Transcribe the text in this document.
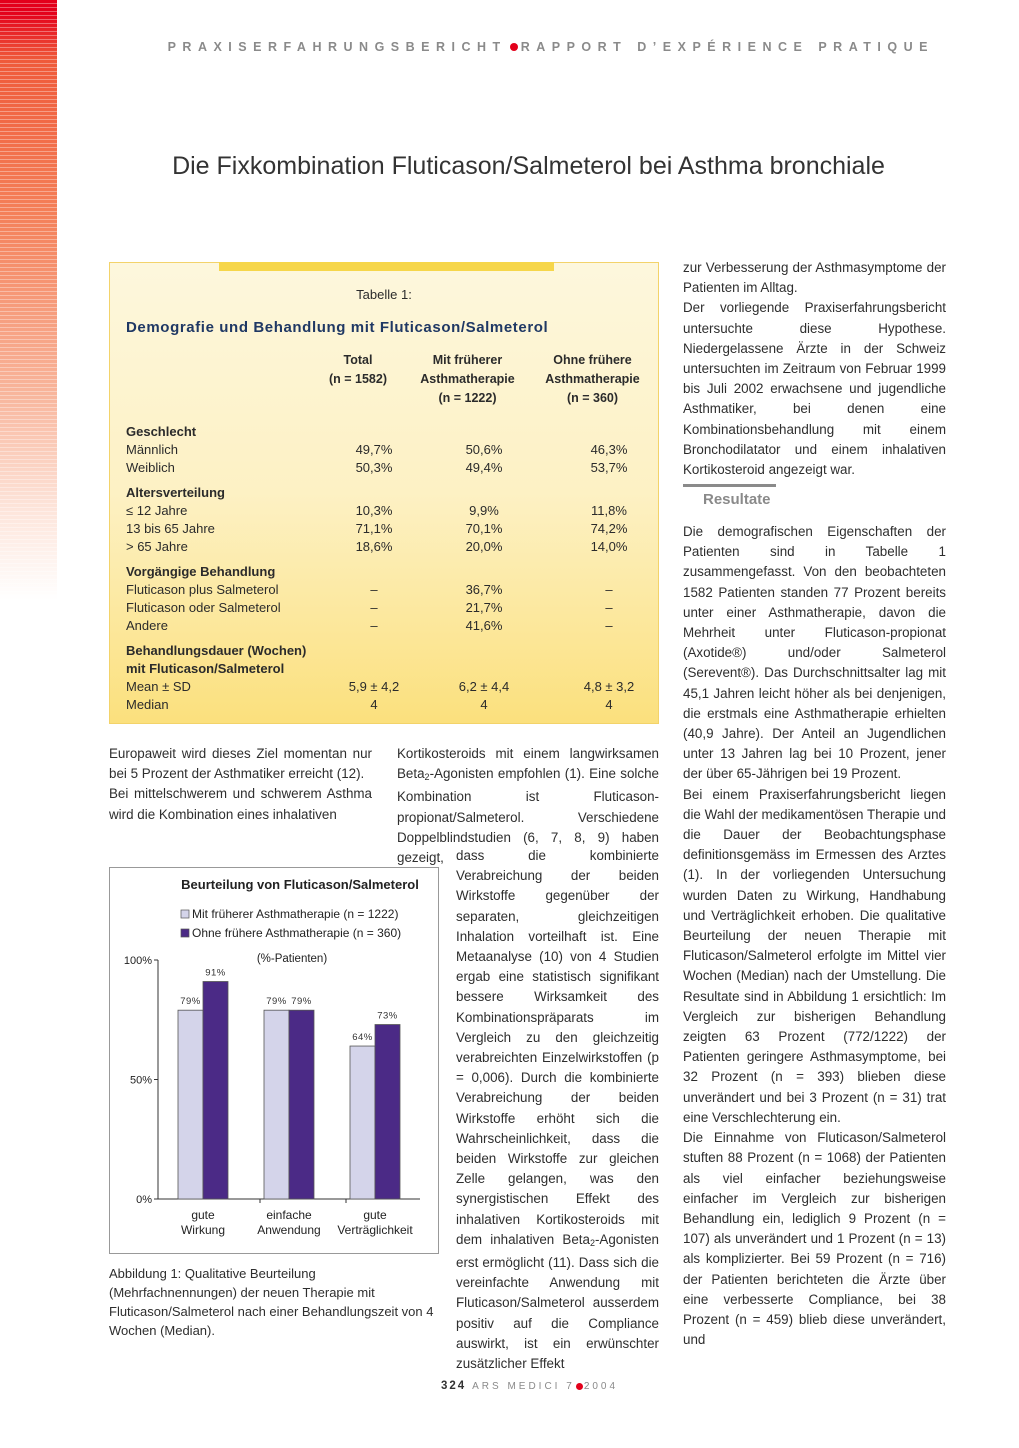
PRAXISERFAHRUNGSBERICHT RAPPORT D’EXPÉRIENCE PRATIQUE
Die Fixkombination Fluticason/Salmeterol bei Asthma bronchiale
Tabelle 1:
Demografie und Behandlung mit Fluticason/Salmeterol
Total
(n = 1582)
Mit früherer
Asthmatherapie
(n = 1222)
Ohne frühere
Asthmatherapie
(n = 360)
Geschlecht
Männlich	49,7%	50,6%	46,3%
Weiblich	50,3%	49,4%	53,7%
Altersverteilung
≤ 12 Jahre	10,3%	9,9%	11,8%
13 bis 65 Jahre	71,1%	70,1%	74,2%
> 65 Jahre	18,6%	20,0%	14,0%
Vorgängige Behandlung
Fluticason plus Salmeterol	–	36,7%	–
Fluticason oder Salmeterol	–	21,7%	–
Andere	–	41,6%	–
Behandlungsdauer (Wochen)
mit Fluticason/Salmeterol
Mean ± SD	5,9 ± 4,2	6,2 ± 4,4	4,8 ± 3,2
Median	4	4	4

Europaweit wird dieses Ziel momentan nur bei 5 Prozent der Asthmatiker erreicht (12).

Bei mittelschwerem und schwerem Asthma wird die Kombination eines inhalativen

Kortikosteroids mit einem langwirksamen Beta$_2$-Agonisten empfohlen (1). Eine solche Kombination ist Fluticason-propionat/Salmeterol. Verschiedene Doppelblindstudien (6, 7, 8, 9) haben gezeigt, dass die kombinierte Verabreichung der beiden Wirkstoffe gegenüber der separaten, gleichzeitigen Inhalation vorteilhaft ist. Eine Metaanalyse (10) von 4 Studien ergab eine statistisch signifikant bessere Wirksamkeit des Kombinationspräparats im Vergleich zu den gleichzeitig verabreichten Einzelwirkstoffen (p = 0,006). Durch die kombinierte Verabreichung der beiden Wirkstoffe erhöht sich die Wahrscheinlichkeit, dass die beiden Wirkstoffe zur gleichen Zelle gelangen, was den synergistischen Effekt des inhalativen Kortikosteroids mit dem inhalativen Beta$_2$-Agonisten erst ermöglicht (11). Dass sich die vereinfachte Anwendung mit Fluticason/Salmeterol ausserdem positiv auf die Compliance auswirkt, ist ein erwünschter zusätzlicher Effekt

zur Verbesserung der Asthmasymptome der Patienten im Alltag.

Der vorliegende Praxiserfahrungsbericht untersuchte diese Hypothese. Niedergelassene Ärzte in der Schweiz untersuchten im Zeitraum von Februar 1999 bis Juli 2002 erwachsene und jugendliche Asthmatiker, bei denen eine Kombinationsbehandlung mit einem Bronchodilatator und einem inhalativen Kortikosteroid angezeigt war.

Resultate

Die demografischen Eigenschaften der Patienten sind in Tabelle 1 zusammengefasst. Von den beobachteten 1582 Patienten standen 77 Prozent bereits unter einer Asthmatherapie, davon die Mehrheit unter Fluticason-propionat (Axotide®) und/oder Salmeterol (Serevent®). Das Durchschnittsalter lag mit 45,1 Jahren leicht höher als bei denjenigen, die erstmals eine Asthmatherapie erhielten (40,9 Jahre). Der Anteil an Jugendlichen unter 13 Jahren lag bei 10 Prozent, jener der über 65-Jährigen bei 19 Prozent.

Bei einem Praxiserfahrungsbericht liegen die Wahl der medikamentösen Therapie und die Dauer der Beobachtungsphase definitionsgemäss im Ermessen des Arztes (1). In der vorliegenden Untersuchung wurden Daten zu Wirkung, Handhabung und Verträglichkeit erhoben. Die qualitative Beurteilung der neuen Therapie mit Fluticason/Salmeterol erfolgte im Mittel vier Wochen (Median) nach der Umstellung. Die Resultate sind in Abbildung 1 ersichtlich: Im Vergleich zur bisherigen Behandlung zeigten 63 Prozent (772/1222) der Patienten geringere Asthmasymptome, bei 32 Prozent (n = 393) blieben diese unverändert und bei 3 Prozent (n = 31) trat eine Verschlechterung ein.

Die Einnahme von Fluticason/Salmeterol stuften 88 Prozent (n = 1068) der Patienten als viel einfacher beziehungsweise einfacher im Vergleich zur bisherigen Behandlung ein, lediglich 9 Prozent (n = 107) als unverändert und 1 Prozent (n = 13) als komplizierter. Bei 59 Prozent (n = 716) der Patienten berichteten die Ärzte über eine verbesserte Compliance, bei 38 Prozent (n = 459) blieb diese unverändert, und

Beurteilung von Fluticason/Salmeterol
Mit früherer Asthmatherapie (n = 1222)
Ohne frühere Asthmatherapie (n = 360)
(%-Patienten)
0%
50%
100%
79%
91%
gute
Wirkung
79% 79%
einfache
Anwendung
64%
73%
gute
Verträglichkeit
Abbildung 1: Qualitative Beurteilung (Mehrfachnennungen) der neuen Therapie mit Fluticason/Salmeterol nach einer Behandlungszeit von 4 Wochen (Median).
324 ARS MEDICI 7 2004
